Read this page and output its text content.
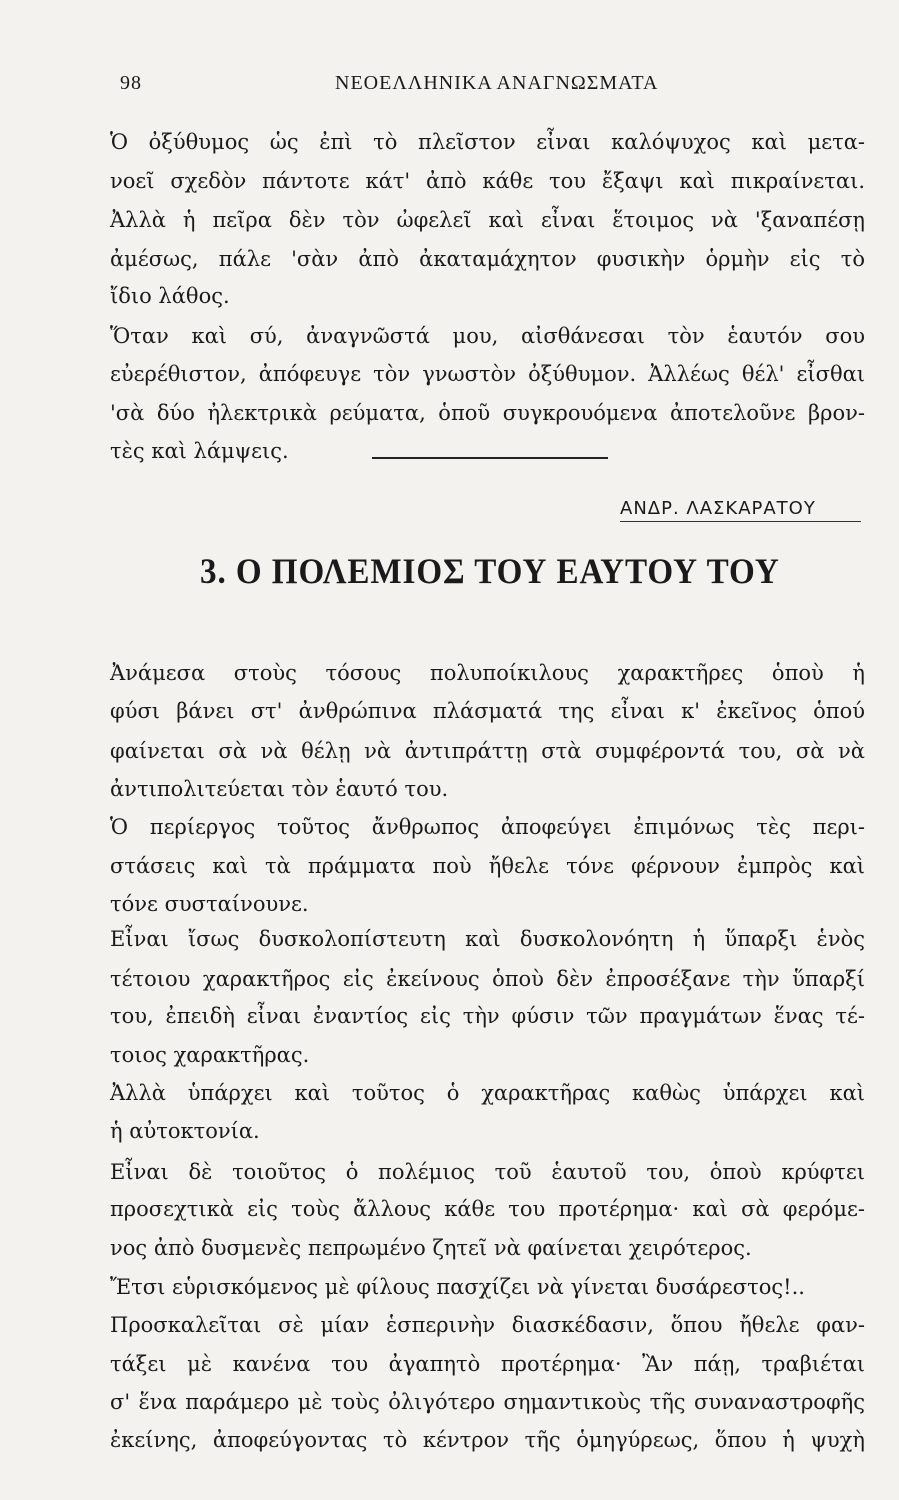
98	ΝΕΟΕΛΛΗΝΙΚΑ ΑΝΑΓΝΩΣΜΑΤΑ
Ὁ ὀξύθυμος ὡς ἐπὶ τὸ πλεῖστον εἶναι καλόψυχος καὶ μετα-
νοεῖ σχεδὸν πάντοτε κάτ' ἀπὸ κάθε του ἔξαψι καὶ πικραίνεται.
Ἀλλὰ ἡ πεῖρα δὲν τὸν ὠφελεῖ καὶ εἶναι ἕτοιμος νὰ 'ξαναπέσῃ
ἀμέσως, πάλε 'σὰν ἀπὸ ἀκαταμάχητον φυσικὴν ὁρμὴν εἰς τὸ
ἴδιο λάθος.
Ὅταν καὶ σύ, ἀναγνῶστά μου, αἰσθάνεσαι τὸν ἑαυτόν σου
εὐερέθιστον, ἀπόφευγε τὸν γνωστὸν ὀξύθυμον. Ἀλλέως θέλ' εἶσθαι
'σὰ δύο ἠλεκτρικὰ ρεύματα, ὁποῦ συγκρουόμενα ἀποτελοῦνε βρον-
τὲς καὶ λάμψεις.
ΑΝΔΡ. ΛΑΣΚΑΡΑΤΟΥ
3. Ο ΠΟΛΕΜΙΟΣ ΤΟΥ ΕΑΥΤΟΥ ΤΟΥ
Ἀνάμεσα στοὺς τόσους πολυποίκιλους χαρακτῆρες ὁποὺ ἡ
φύσι βάνει στ' ἀνθρώπινα πλάσματά της εἶναι κ' ἐκεῖνος ὁπού
φαίνεται σὰ νὰ θέλῃ νὰ ἀντιπράττῃ στὰ συμφέροντά του, σὰ νὰ
ἀντιπολιτεύεται τὸν ἑαυτό του.
Ὁ περίεργος τοῦτος ἄνθρωπος ἀποφεύγει ἐπιμόνως τὲς περι-
στάσεις καὶ τὰ πράμματα ποὺ ἤθελε τόνε φέρνουν ἐμπρὸς καὶ
τόνε συσταίνουνε.
Εἶναι ἴσως δυσκολοπίστευτη καὶ δυσκολονόητη ἡ ὕπαρξι ἑνὸς
τέτοιου χαρακτῆρος εἰς ἐκείνους ὁποὺ δὲν ἐπροσέξανε τὴν ὕπαρξί
του, ἐπειδὴ εἶναι ἐναντίος εἰς τὴν φύσιν τῶν πραγμάτων ἕνας τέ-
τοιος χαρακτῆρας.
Ἀλλὰ ὑπάρχει καὶ τοῦτος ὁ χαρακτῆρας καθὼς ὑπάρχει καὶ
ἡ αὐτοκτονία.
Εἶναι δὲ τοιοῦτος ὁ πολέμιος τοῦ ἑαυτοῦ του, ὁποὺ κρύφτει
προσεχτικὰ εἰς τοὺς ἄλλους κάθε του προτέρημα· καὶ σὰ φερόμε-
νος ἀπὸ δυσμενὲς πεπρωμένο ζητεῖ νὰ φαίνεται χειρότερος.
Ἔτσι εὑρισκόμενος μὲ φίλους πασχίζει νὰ γίνεται δυσάρεστος!..
Προσκαλεῖται σὲ μίαν ἑσπερινὴν διασκέδασιν, ὅπου ἤθελε φαν-
τάξει μὲ κανένα του ἀγαπητὸ προτέρημα· Ἂν πάῃ, τραβιέται
σ' ἕνα παράμερο μὲ τοὺς ὀλιγότερο σημαντικοὺς τῆς συναναστροφῆς
ἐκείνης, ἀποφεύγοντας τὸ κέντρον τῆς ὁμηγύρεως, ὅπου ἡ ψυχὴ
